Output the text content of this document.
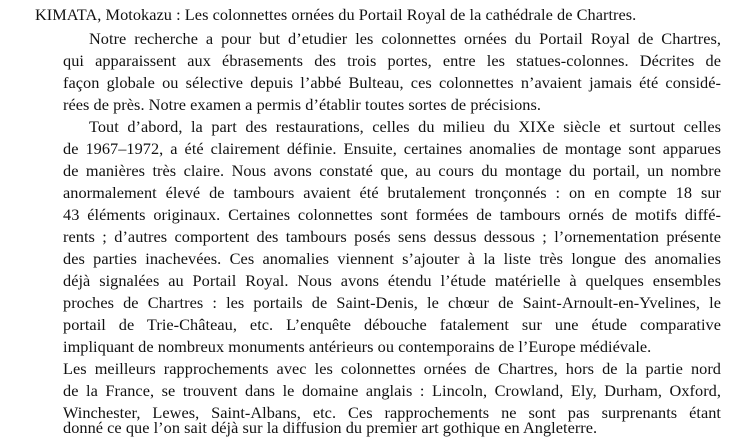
KIMATA, Motokazu : Les colonnettes ornées du Portail Royal de la cathédrale de Chartres.
Notre recherche a pour but d’etudier les colonnettes ornées du Portail Royal de Chartres,
qui apparaissent aux ébrasements des trois portes, entre les statues-colonnes. Décrites de
façon globale ou sélective depuis l’abbé Bulteau, ces colonnettes n’avaient jamais été considé-
rées de près. Notre examen a permis d’établir toutes sortes de précisions.
Tout d’abord, la part des restaurations, celles du milieu du XIXe siècle et surtout celles
de 1967–1972, a été clairement définie. Ensuite, certaines anomalies de montage sont apparues
de manières très claire. Nous avons constaté que, au cours du montage du portail, un nombre
anormalement élevé de tambours avaient été brutalement tronçonnés : on en compte 18 sur
43 éléments originaux. Certaines colonnettes sont formées de tambours ornés de motifs diffé-
rents ; d’autres comportent des tambours posés sens dessus dessous ; l’ornementation présente
des parties inachevées. Ces anomalies viennent s’ajouter à la liste très longue des anomalies
déjà signalées au Portail Royal. Nous avons étendu l’étude matérielle à quelques ensembles
proches de Chartres : les portails de Saint-Denis, le chœur de Saint-Arnoult-en-Yvelines, le
portail de Trie-Château, etc. L’enquête débouche fatalement sur une étude comparative
impliquant de nombreux monuments antérieurs ou contemporains de l’Europe médiévale.
Les meilleurs rapprochements avec les colonnettes ornées de Chartres, hors de la partie nord
de la France, se trouvent dans le domaine anglais : Lincoln, Crowland, Ely, Durham, Oxford,
Winchester, Lewes, Saint-Albans, etc. Ces rapprochements ne sont pas surprenants étant
donné ce que l’on sait déjà sur la diffusion du premier art gothique en Angleterre.
